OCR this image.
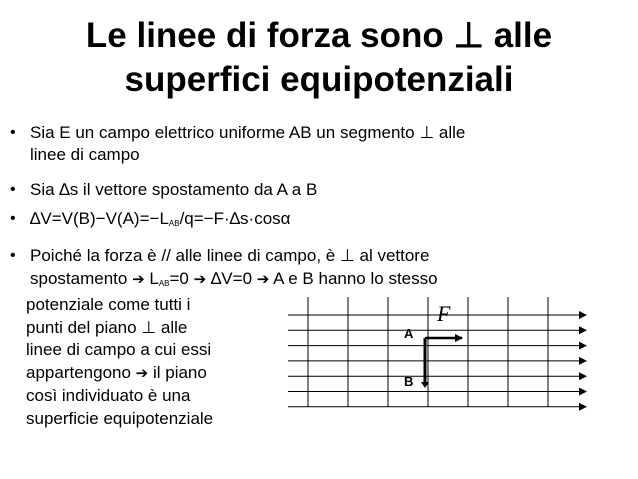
Le linee di forza sono ⊥ alle
superfici equipotenziali
• Sia E un campo elettrico uniforme AB un segmento ⊥ alle
linee di campo
• Sia ∆s il vettore spostamento da A a B
• $\Delta V=V(B)-V(A)=-L_{AB}/q=-F\cdot\Delta s\cdot\cos\alpha$
• Poiché la forza è // alle linee di campo, è ⊥ al vettore
spostamento ➔ $L_{AB}=0$ ➔ ∆V=0 ➔ A e B hanno lo stesso
potenziale come tutti i
punti del piano ⊥ alle
linee di campo a cui essi
appartengono ➔ il piano
così individuato è una
superficie equipotenziale
F
A
B
